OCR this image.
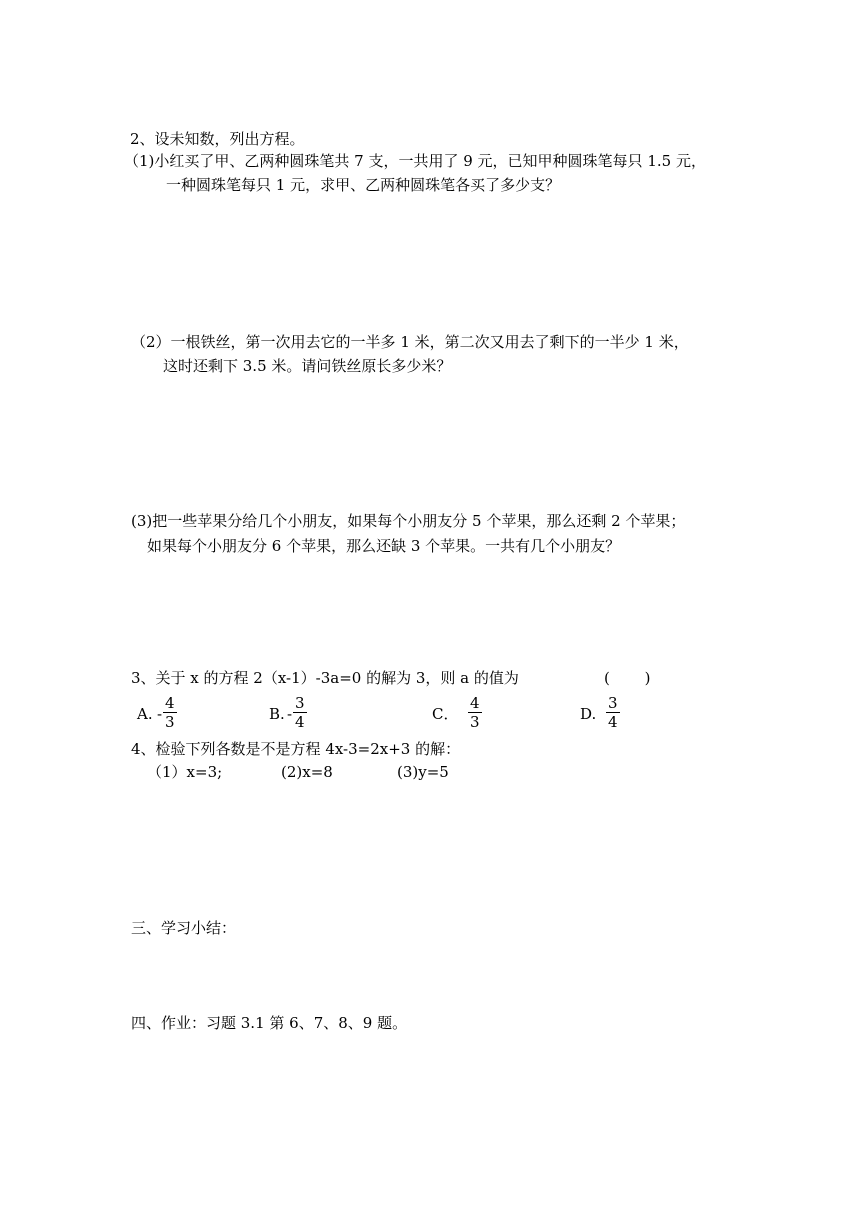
2、设未知数，列出方程。
（1)小红买了甲、乙两种圆珠笔共 7 支，一共用了 9 元，已知甲种圆珠笔每只 1.5 元，
一种圆珠笔每只 1 元，求甲、乙两种圆珠笔各买了多少支？
（2）一根铁丝，第一次用去它的一半多 1 米，第二次又用去了剩下的一半少 1 米，
这时还剩下 3.5 米。请问铁丝原长多少米？
(3)把一些苹果分给几个小朋友，如果每个小朋友分 5 个苹果，那么还剩 2 个苹果；
如果每个小朋友分 6 个苹果，那么还缺 3 个苹果。一共有几个小朋友？
3、关于 x 的方程 2（x-1）-3a=0 的解为 3，则 a 的值为	(　　 )
A. - $\frac{4}{3}$	B. - $\frac{3}{4}$	C． $\frac{4}{3}$	D. $\frac{3}{4}$
4、检验下列各数是不是方程 4x-3=2x+3 的解：
（1）x=3;	(2)x=8	(3)y=5
三、学习小结：
四、作业：习题 3.1 第 6、7、8、9 题。
